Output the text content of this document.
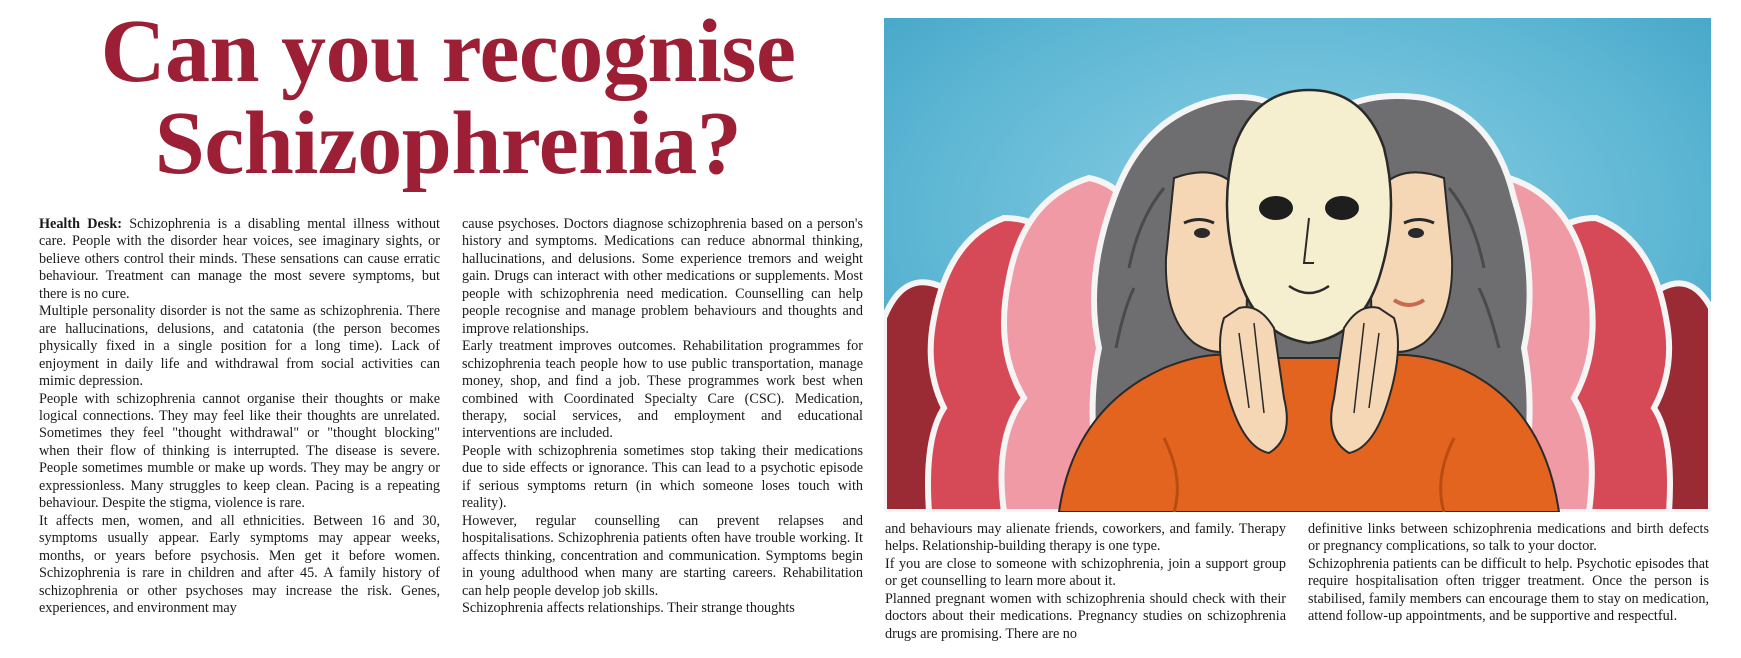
Can you recognise
Schizophrenia?

Health Desk: Schizophrenia is a disabling mental illness without care. People with the disorder hear voices, see imaginary sights, or believe others control their minds. These sensations can cause erratic behaviour. Treatment can manage the most severe symptoms, but there is no cure.

Multiple personality disorder is not the same as schizophrenia. There are hallucinations, delusions, and catatonia (the person becomes physically fixed in a single position for a long time). Lack of enjoyment in daily life and withdrawal from social activities can mimic depression.

People with schizophrenia cannot organise their thoughts or make logical connections. They may feel like their thoughts are unrelated. Sometimes they feel "thought withdrawal" or "thought blocking" when their flow of thinking is interrupted. The disease is severe. People sometimes mumble or make up words. They may be angry or expressionless. Many struggles to keep clean. Pacing is a repeating behaviour. Despite the stigma, violence is rare.

It affects men, women, and all ethnicities. Between 16 and 30, symptoms usually appear. Early symptoms may appear weeks, months, or years before psychosis. Men get it before women. Schizophrenia is rare in children and after 45. A family history of schizophrenia or other psychoses may increase the risk. Genes, experiences, and environment may

cause psychoses. Doctors diagnose schizophrenia based on a person's history and symptoms. Medications can reduce abnormal thinking, hallucinations, and delusions. Some experience tremors and weight gain. Drugs can interact with other medications or supplements. Most people with schizophrenia need medication. Counselling can help people recognise and manage problem behaviours and thoughts and improve relationships.

Early treatment improves outcomes. Rehabilitation programmes for schizophrenia teach people how to use public transportation, manage money, shop, and find a job. These programmes work best when combined with Coordinated Specialty Care (CSC). Medication, therapy, social services, and employment and educational interventions are included.

People with schizophrenia sometimes stop taking their medications due to side effects or ignorance. This can lead to a psychotic episode if serious symptoms return (in which someone loses touch with reality).

However, regular counselling can prevent relapses and hospitalisations. Schizophrenia patients often have trouble working. It affects thinking, concentration and communication. Symptoms begin in young adulthood when many are starting careers. Rehabilitation can help people develop job skills.

Schizophrenia affects relationships. Their strange thoughts

and behaviours may alienate friends, coworkers, and family. Therapy helps. Relationship-building therapy is one type.

If you are close to someone with schizophrenia, join a support group or get counselling to learn more about it.

Planned pregnant women with schizophrenia should check with their doctors about their medications. Pregnancy studies on schizophrenia drugs are promising. There are no

definitive links between schizophrenia medications and birth defects or pregnancy complications, so talk to your doctor.

Schizophrenia patients can be difficult to help. Psychotic episodes that require hospitalisation often trigger treatment. Once the person is stabilised, family members can encourage them to stay on medication, attend follow-up appointments, and be supportive and respectful.
